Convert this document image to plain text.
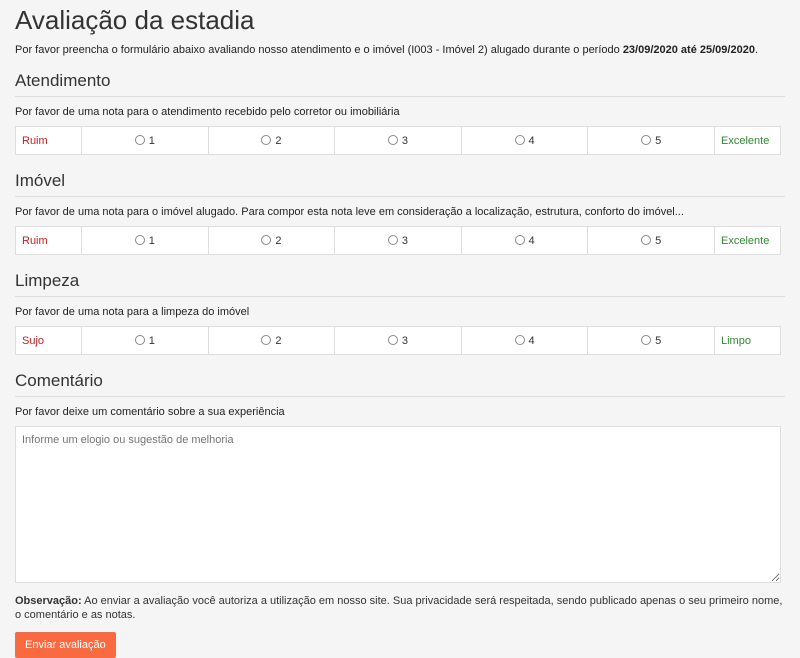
Avaliação da estadia

Por favor preencha o formulário abaixo avaliando nosso atendimento e o imóvel (I003 - Imóvel 2) alugado durante o período 23/09/2020 até 25/09/2020.

Atendimento

Por favor de uma nota para o atendimento recebido pelo corretor ou imobiliária

Ruim	1	2	3	4	5	Excelente
Imóvel

Por favor de uma nota para o imóvel alugado. Para compor esta nota leve em consideração a localização, estrutura, conforto do imóvel...

Ruim	1	2	3	4	5	Excelente
Limpeza

Por favor de uma nota para a limpeza do imóvel

Sujo	1	2	3	4	5	Limpo
Comentário

Por favor deixe um comentário sobre a sua experiência

Informe um elogio ou sugestão de melhoria

Observação: Ao enviar a avaliação você autoriza a utilização em nosso site. Sua privacidade será respeitada, sendo publicado apenas o seu primeiro nome, o comentário e as notas.

Enviar avaliação
